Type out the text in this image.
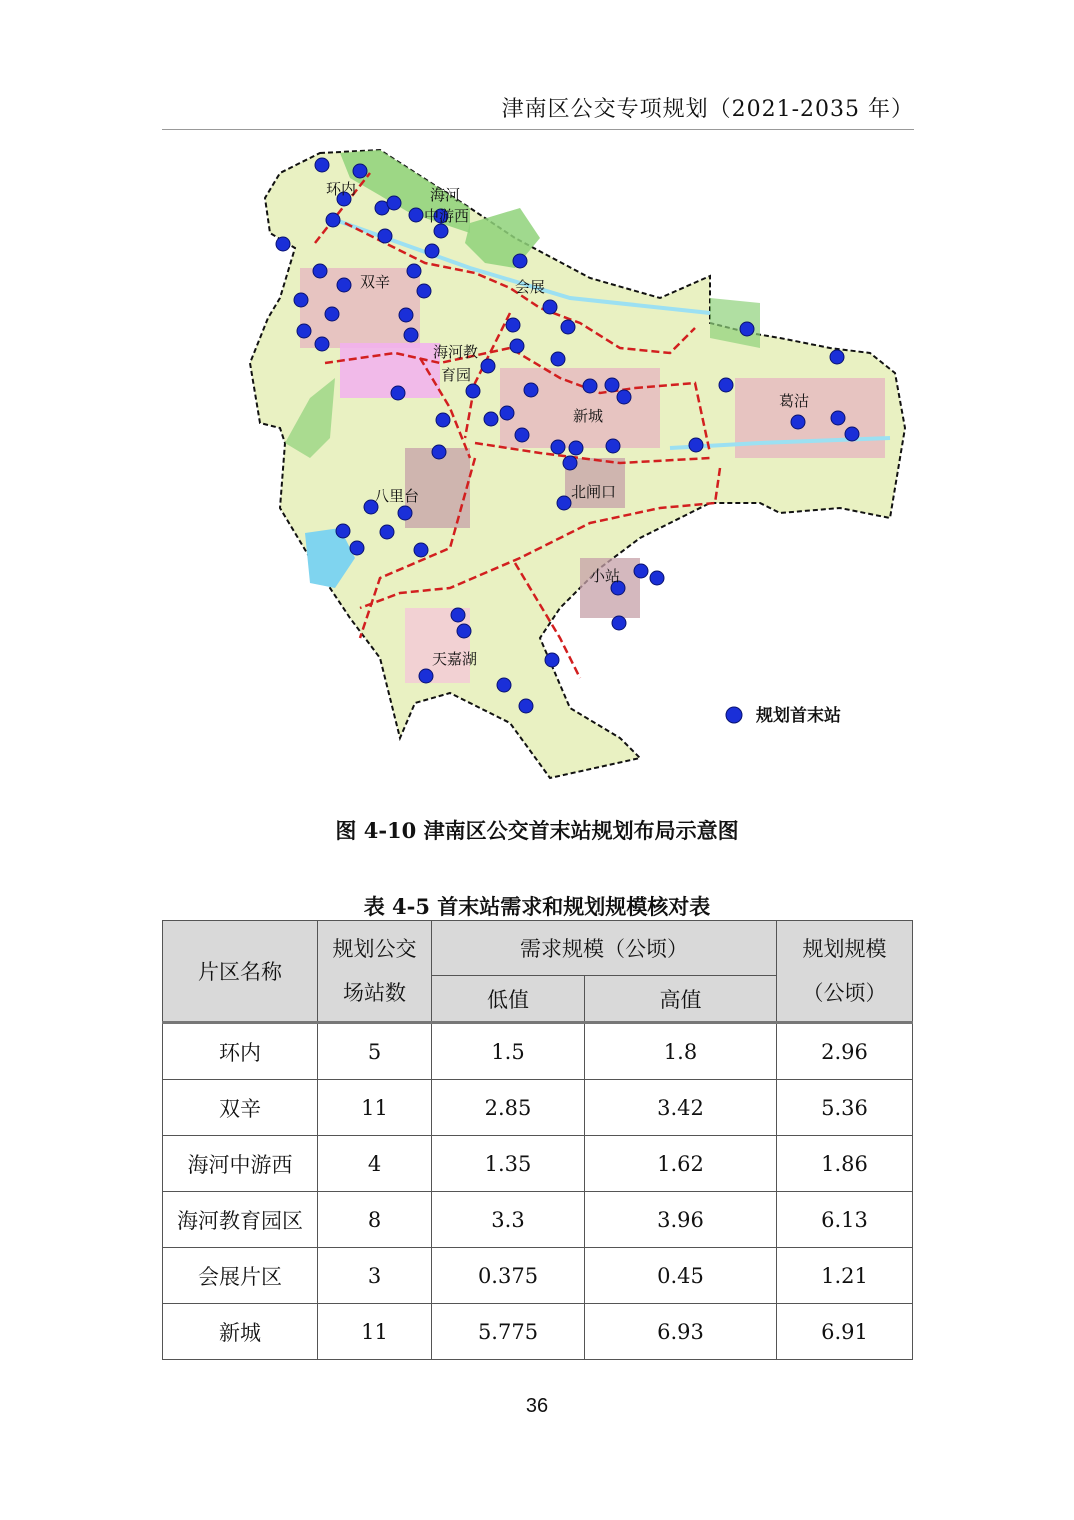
津南区公交专项规划（2021-2035 年）
环内	海河
中游西
双辛	会展
海河教
育园
新城
葛沽
北闸口
八里台
小站
天嘉湖
规划首末站
图 4-10 津南区公交首末站规划布局示意图
表 4-5 首末站需求和规划规模核对表
片区名称	规划公交
场站数	需求规模（公顷）		规划规模
（公顷）

		低值	高值	
环内	5	1.5	1.8	2.96
双辛	11	2.85	3.42	5.36
海河中游西	4	1.35	1.62	1.86
海河教育园区	8	3.3	3.96	6.13
会展片区	3	0.375	0.45	1.21
新城	11	5.775	6.93	6.91
36
